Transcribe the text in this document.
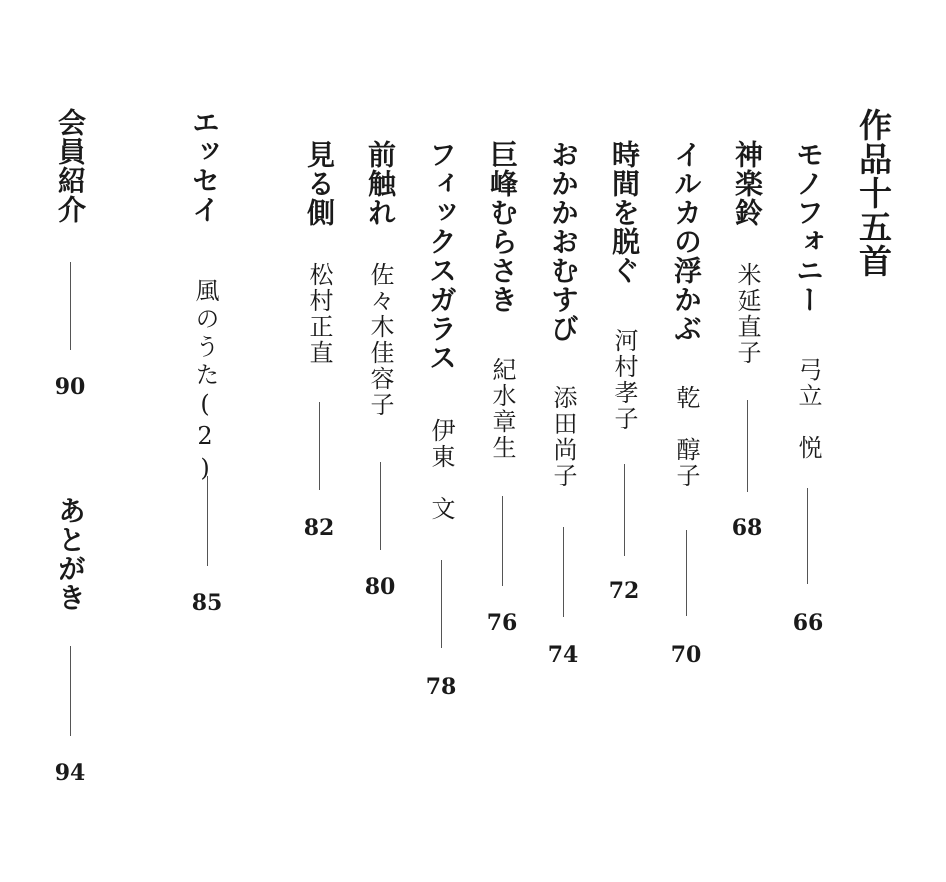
作品十五首
モノフォニー
弓立　悦
66
神楽鈴
米延直子
68
イルカの浮かぶ
乾　醇子
70
時間を脱ぐ
河村孝子
72
おかかおむすび
添田尚子
74
巨峰むらさき
紀水章生
76
フィックスガラス
伊東　文
78
前触れ
佐々木佳容子
80
見る側
松村正直
82
エッセイ
風のうた(2)
85
会員紹介
90
あとがき
94
